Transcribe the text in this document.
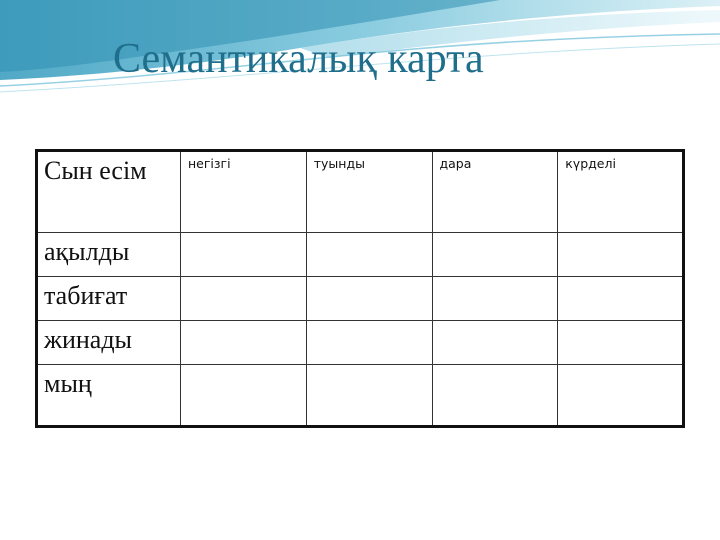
Семантикалық карта
Сын есім	негізгі	туынды	дара	күрделі
ақылды				
табиғат				
жинады				
мың				
